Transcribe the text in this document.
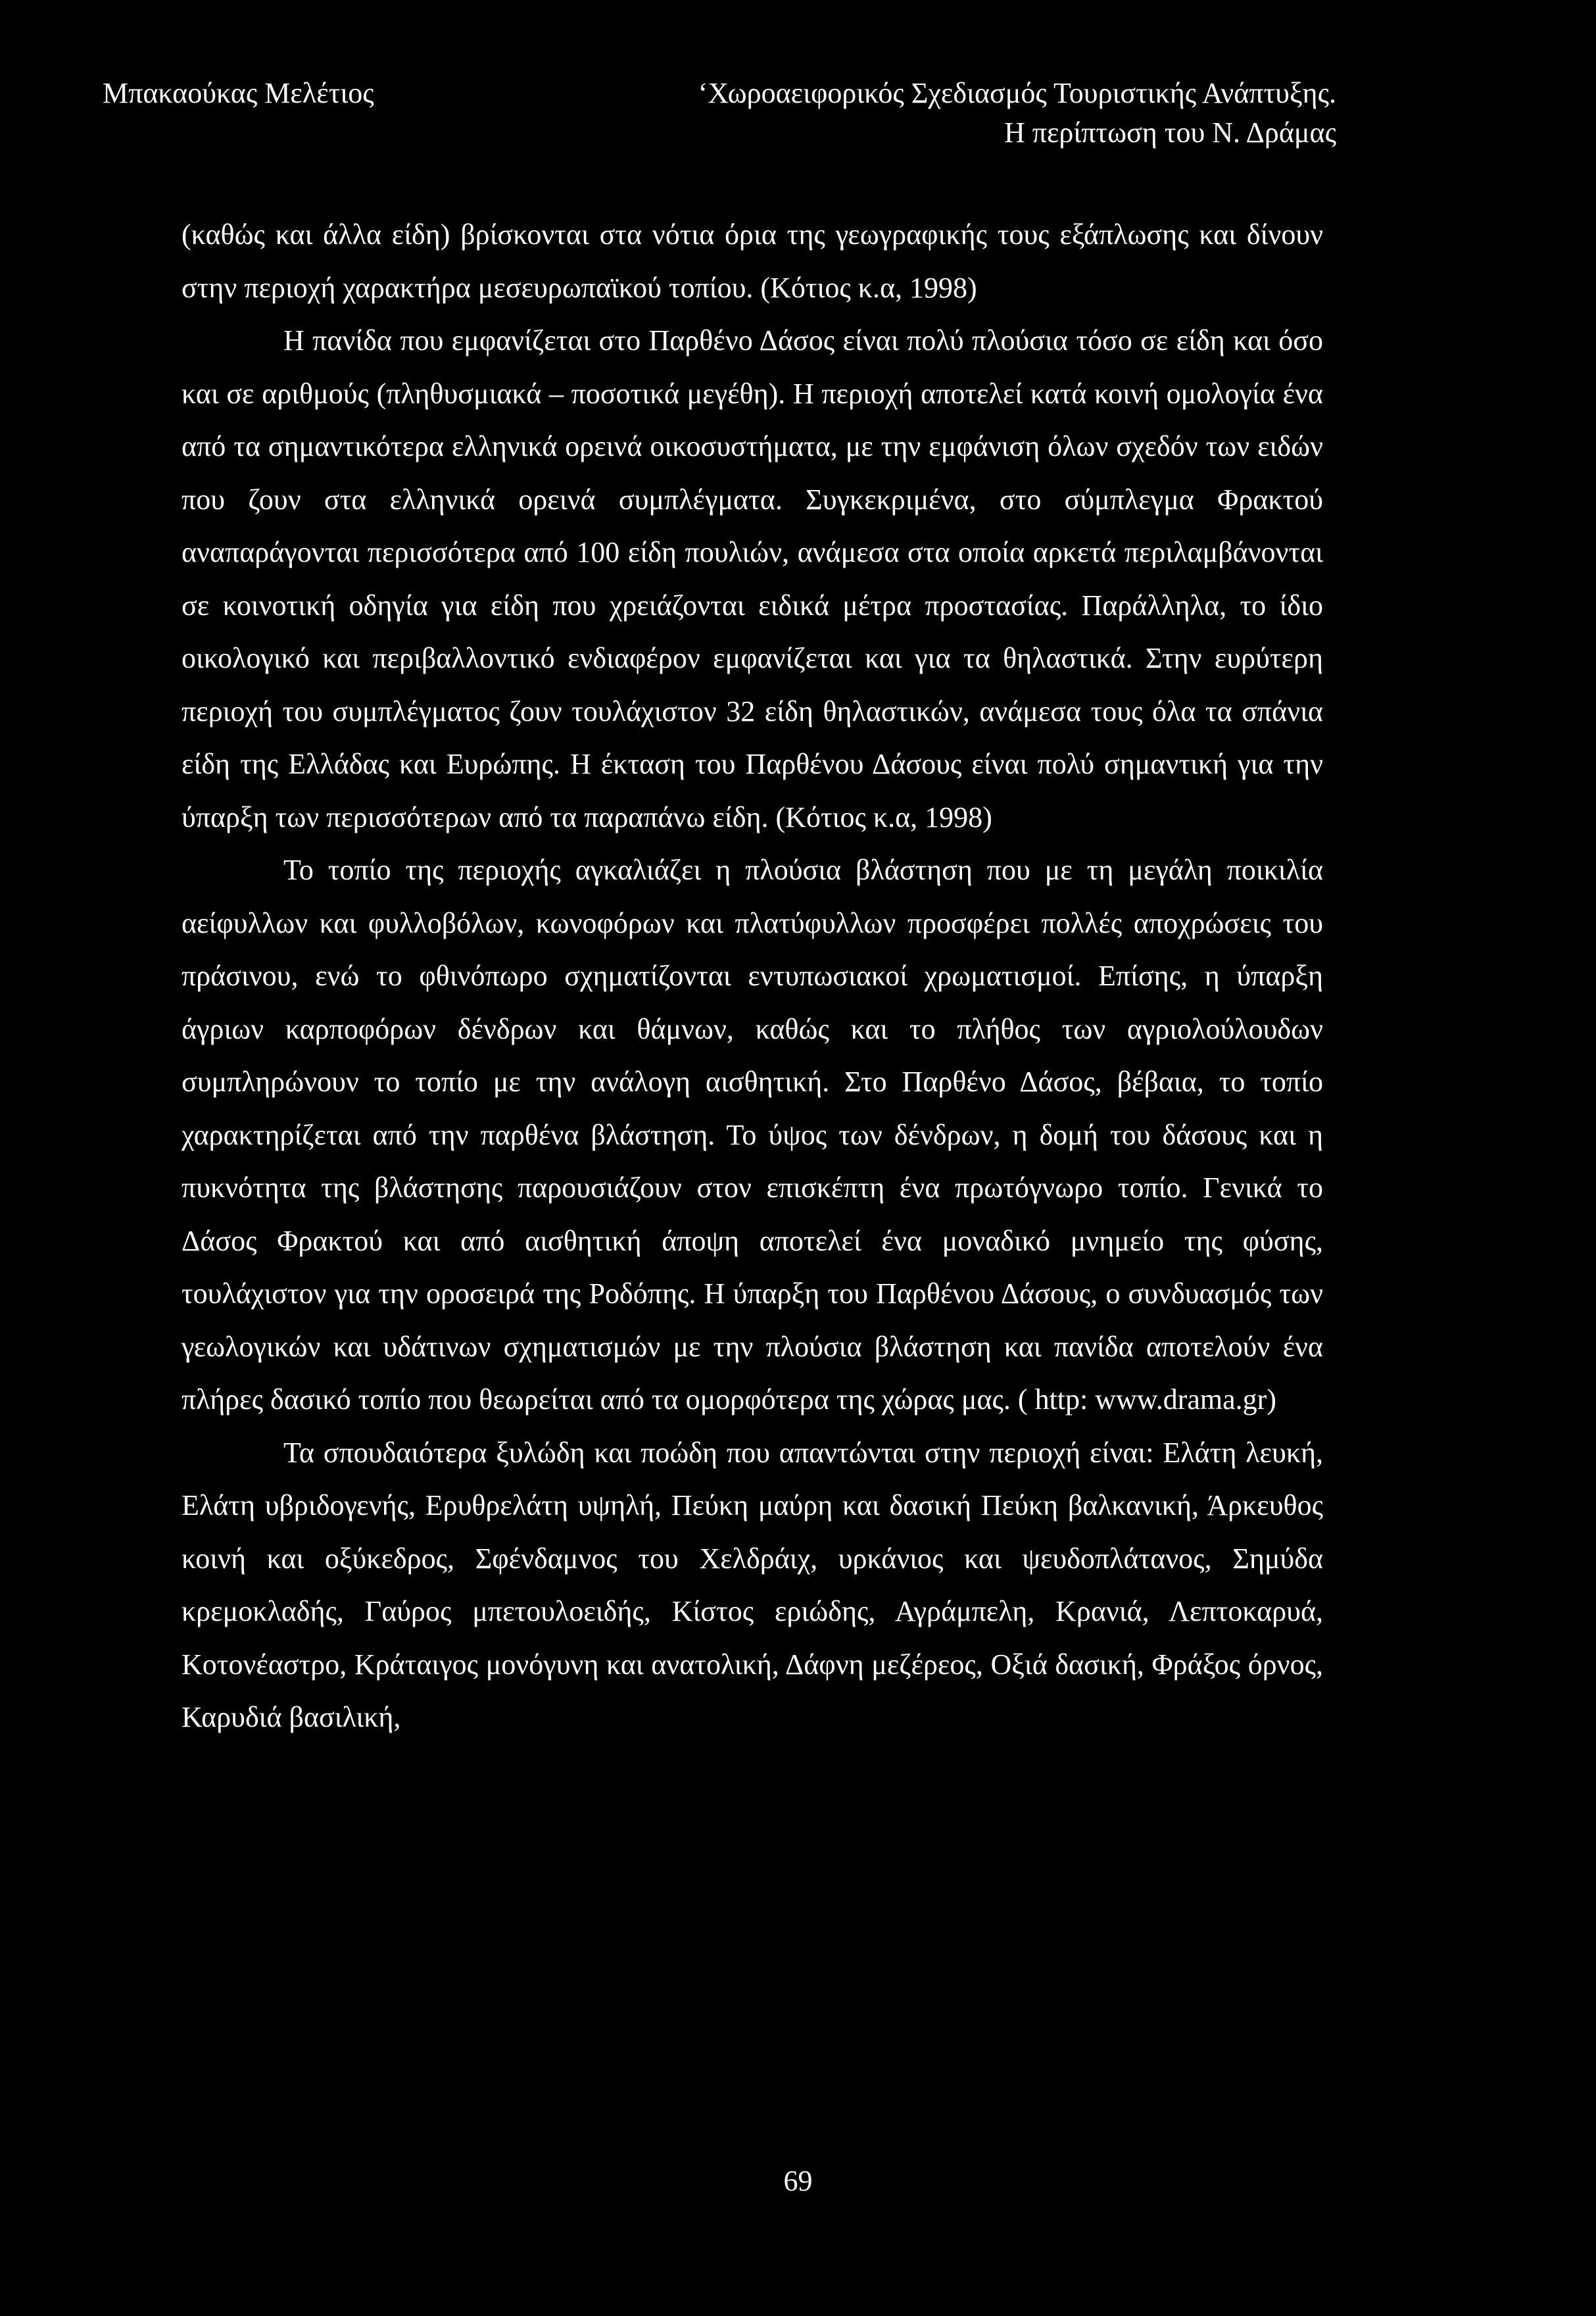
Μπακαούκας Μελέτιος	‘Χωροαειφορικός Σχεδιασμός Τουριστικής Ανάπτυξης.
Η περίπτωση του Ν. Δράμας

(καθώς και άλλα είδη) βρίσκονται στα νότια όρια της γεωγραφικής τους εξάπλωσης και δίνουν στην περιοχή χαρακτήρα μεσευρωπαϊκού τοπίου. (Κότιος κ.α, 1998)

Η πανίδα που εμφανίζεται στο Παρθένο Δάσος είναι πολύ πλούσια τόσο σε είδη και όσο και σε αριθμούς (πληθυσμιακά – ποσοτικά μεγέθη). Η περιοχή αποτελεί κατά κοινή ομολογία ένα από τα σημαντικότερα ελληνικά ορεινά οικοσυστήματα, με την εμφάνιση όλων σχεδόν των ειδών που ζουν στα ελληνικά ορεινά συμπλέγματα. Συγκεκριμένα, στο σύμπλεγμα Φρακτού αναπαράγονται περισσότερα από 100 είδη πουλιών, ανάμεσα στα οποία αρκετά περιλαμβάνονται σε κοινοτική οδηγία για είδη που χρειάζονται ειδικά μέτρα προστασίας. Παράλληλα, το ίδιο οικολογικό και περιβαλλοντικό ενδιαφέρον εμφανίζεται και για τα θηλαστικά. Στην ευρύτερη περιοχή του συμπλέγματος ζουν τουλάχιστον 32 είδη θηλαστικών, ανάμεσα τους όλα τα σπάνια είδη της Ελλάδας και Ευρώπης. Η έκταση του Παρθένου Δάσους είναι πολύ σημαντική για την ύπαρξη των περισσότερων από τα παραπάνω είδη. (Κότιος κ.α, 1998)

Το τοπίο της περιοχής αγκαλιάζει η πλούσια βλάστηση που με τη μεγάλη ποικιλία αείφυλλων και φυλλοβόλων, κωνοφόρων και πλατύφυλλων προσφέρει πολλές αποχρώσεις του πράσινου, ενώ το φθινόπωρο σχηματίζονται εντυπωσιακοί χρωματισμοί. Επίσης, η ύπαρξη άγριων καρποφόρων δένδρων και θάμνων, καθώς και το πλήθος των αγριολούλουδων συμπληρώνουν το τοπίο με την ανάλογη αισθητική. Στο Παρθένο Δάσος, βέβαια, το τοπίο χαρακτηρίζεται από την παρθένα βλάστηση. Το ύψος των δένδρων, η δομή του δάσους και η πυκνότητα της βλάστησης παρουσιάζουν στον επισκέπτη ένα πρωτόγνωρο τοπίο. Γενικά το Δάσος Φρακτού και από αισθητική άποψη αποτελεί ένα μοναδικό μνημείο της φύσης, τουλάχιστον για την οροσειρά της Ροδόπης. Η ύπαρξη του Παρθένου Δάσους, ο συνδυασμός των γεωλογικών και υδάτινων σχηματισμών με την πλούσια βλάστηση και πανίδα αποτελούν ένα πλήρες δασικό τοπίο που θεωρείται από τα ομορφότερα της χώρας μας. ( http: www.drama.gr)

Τα σπουδαιότερα ξυλώδη και ποώδη που απαντώνται στην περιοχή είναι: Ελάτη λευκή, Ελάτη υβριδογενής, Ερυθρελάτη υψηλή, Πεύκη μαύρη και δασική Πεύκη βαλκανική, Άρκευθος κοινή και οξύκεδρος, Σφένδαμνος του Χελδράιχ, υρκάνιος και ψευδοπλάτανος, Σημύδα κρεμοκλαδής, Γαύρος μπετουλοειδής, Κίστος εριώδης, Αγράμπελη, Κρανιά, Λεπτοκαρυά, Κοτονέαστρο, Κράταιγος μονόγυνη και ανατολική, Δάφνη μεζέρεος, Οξιά δασική, Φράξος όρνος, Καρυδιά βασιλική,

69
